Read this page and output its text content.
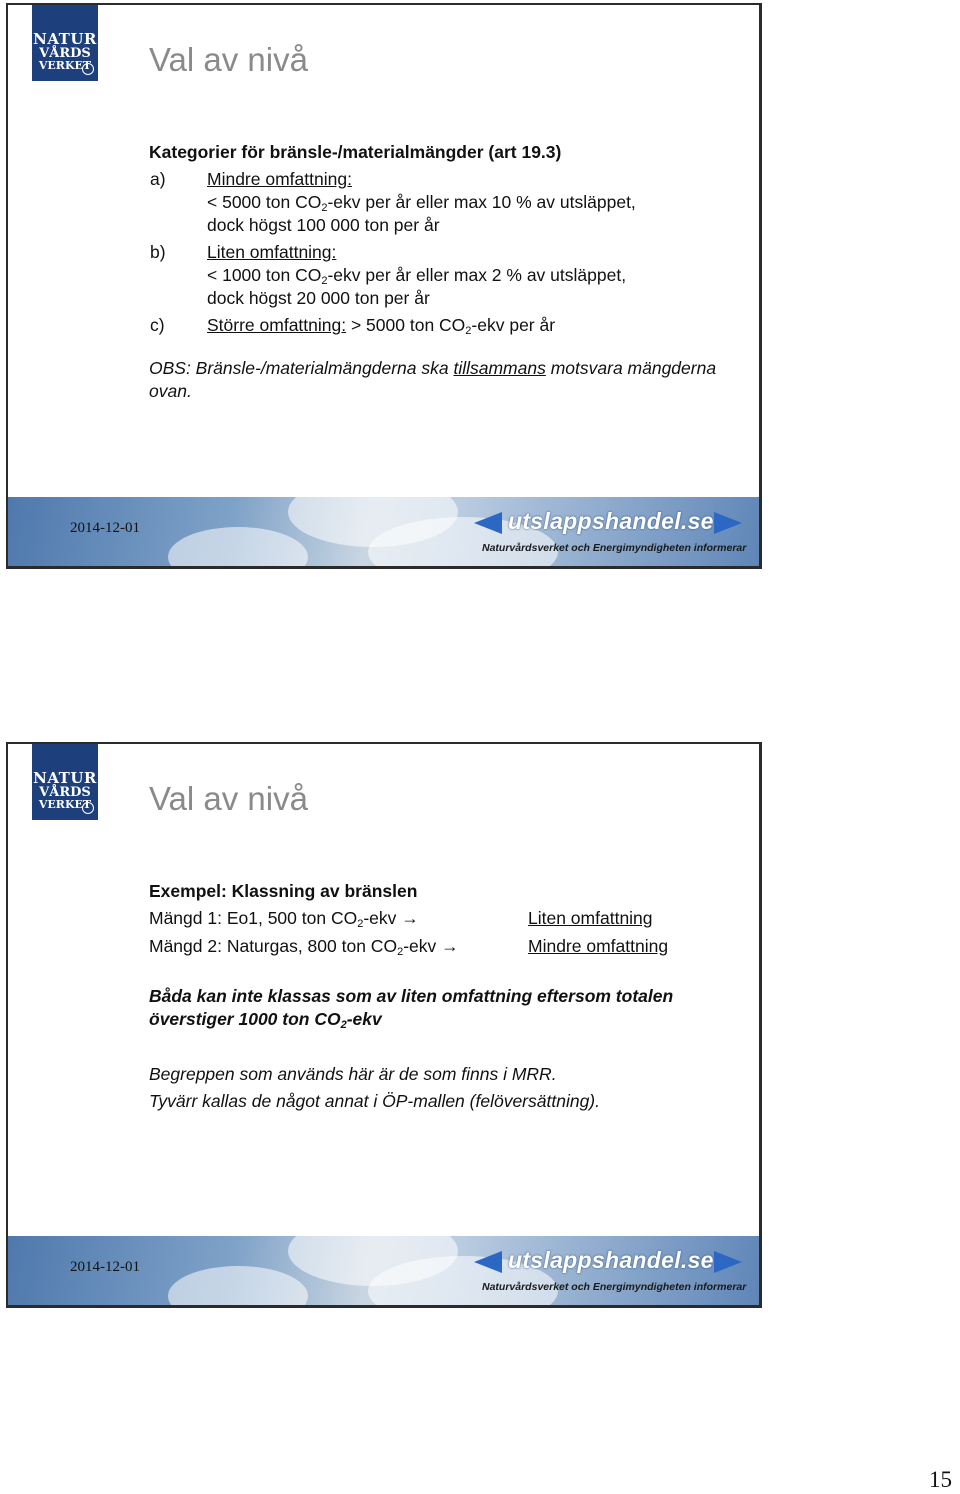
NATUR
VÅRDS
VERKET Val av nivå
Kategorier för bränsle-/materialmängder (art 19.3)
a) Mindre omfattning:
< 5000 ton $CO_2$-ekv per år eller max 10 % av utsläppet,
dock högst 100 000 ton per år
b) Liten omfattning:
< 1000 ton $CO_2$-ekv per år eller max 2 % av utsläppet,
dock högst 20 000 ton per år
c) Större omfattning: > 5000 ton $CO_2$-ekv per år
OBS: Bränsle-/materialmängderna ska tillsammans motsvara mängderna ovan.
2014-12-01	utslappshandel.se
Naturvårdsverket och Energimyndigheten informerar
NATUR
VÅRDS
VERKET Val av nivå
Exempel: Klassning av bränslen
Mängd 1: Eo1, 500 ton $CO_2$-ekv →	Liten omfattning
Mängd 2: Naturgas, 800 ton $CO_2$-ekv →	Mindre omfattning
Båda kan inte klassas som av liten omfattning eftersom totalen överstiger 1000 ton $CO_2$-ekv
Begreppen som används här är de som finns i MRR.
Tyvärr kallas de något annat i ÖP-mallen (felöversättning).
2014-12-01	utslappshandel.se
Naturvårdsverket och Energimyndigheten informerar
15
